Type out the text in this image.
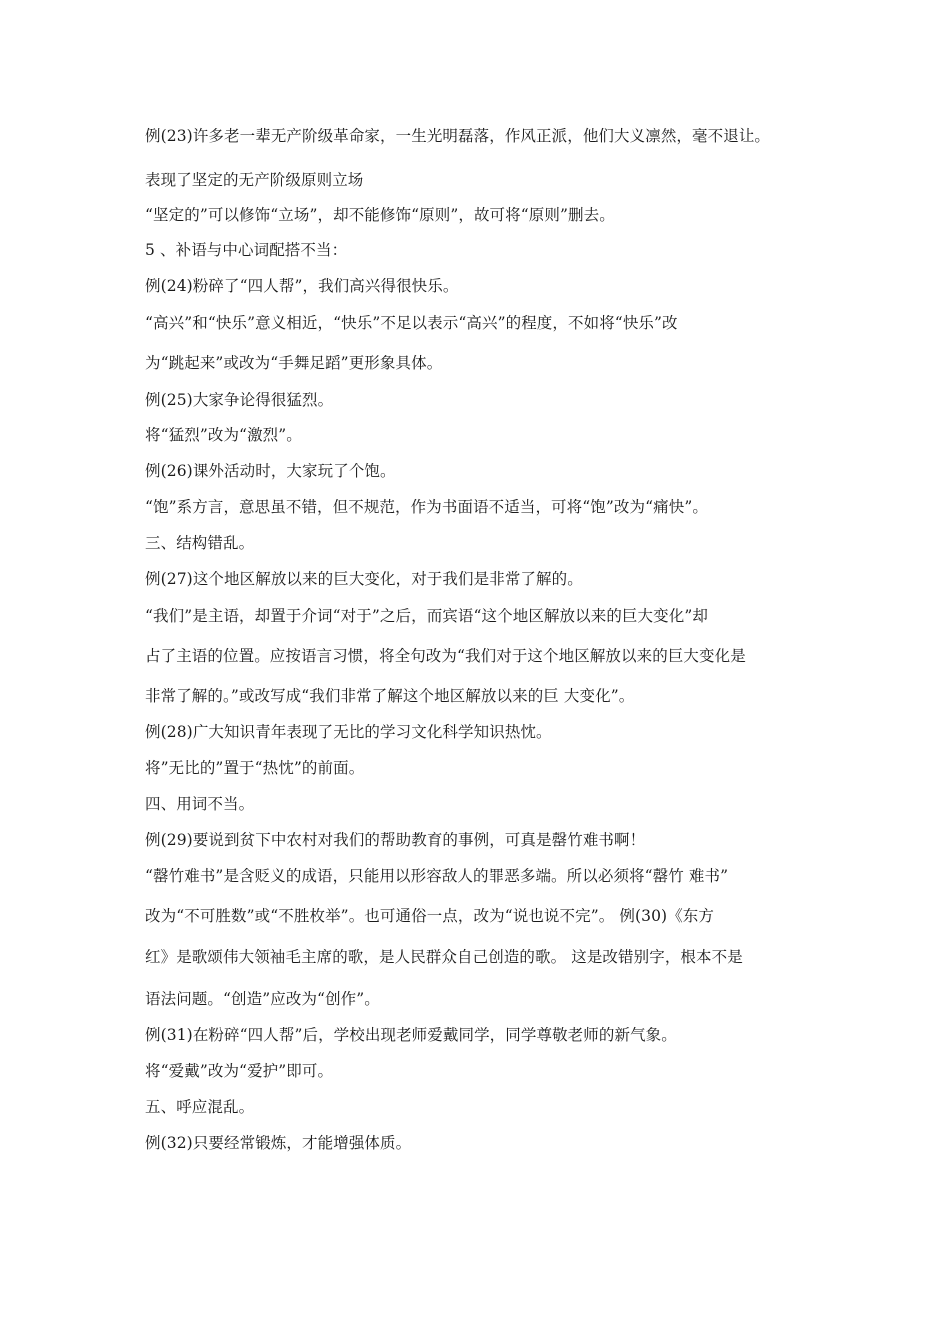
例(23)许多老一辈无产阶级革命家，一生光明磊落，作风正派，他们大义凛然，毫不退让。
表现了坚定的无产阶级原则立场
“坚定的”可以修饰“立场”，却不能修饰“原则”，故可将“原则”删去。
5 、补语与中心词配搭不当：
例(24)粉碎了“四人帮”，我们高兴得很快乐。
“高兴”和“快乐”意义相近，“快乐”不足以表示“高兴”的程度，不如将“快乐”改
为“跳起来”或改为“手舞足蹈”更形象具体。
例(25)大家争论得很猛烈。
将“猛烈”改为“激烈”。
例(26)课外活动时，大家玩了个饱。
“饱”系方言，意思虽不错，但不规范，作为书面语不适当，可将“饱”改为“痛快”。
三、结构错乱。
例(27)这个地区解放以来的巨大变化，对于我们是非常了解的。
“我们”是主语，却置于介词“对于”之后，而宾语“这个地区解放以来的巨大变化”却
占了主语的位置。应按语言习惯，将全句改为“我们对于这个地区解放以来的巨大变化是
非常了解的。”或改写成“我们非常了解这个地区解放以来的巨 大变化”。
例(28)广大知识青年表现了无比的学习文化科学知识热忱。
将”无比的”置于“热忱”的前面。
四、用词不当。
例(29)要说到贫下中农村对我们的帮助教育的事例，可真是罄竹难书啊！
“罄竹难书”是含贬义的成语，只能用以形容敌人的罪恶多端。所以必须将“罄竹 难书”
改为“不可胜数”或“不胜枚举”。也可通俗一点，改为“说也说不完”。 例(30)《东方
红》是歌颂伟大领袖毛主席的歌，是人民群众自己创造的歌。 这是改错别字，根本不是
语法问题。“创造”应改为“创作”。
例(31)在粉碎“四人帮”后，学校出现老师爱戴同学，同学尊敬老师的新气象。
将“爱戴”改为“爱护”即可。
五、呼应混乱。
例(32)只要经常锻炼，才能增强体质。
